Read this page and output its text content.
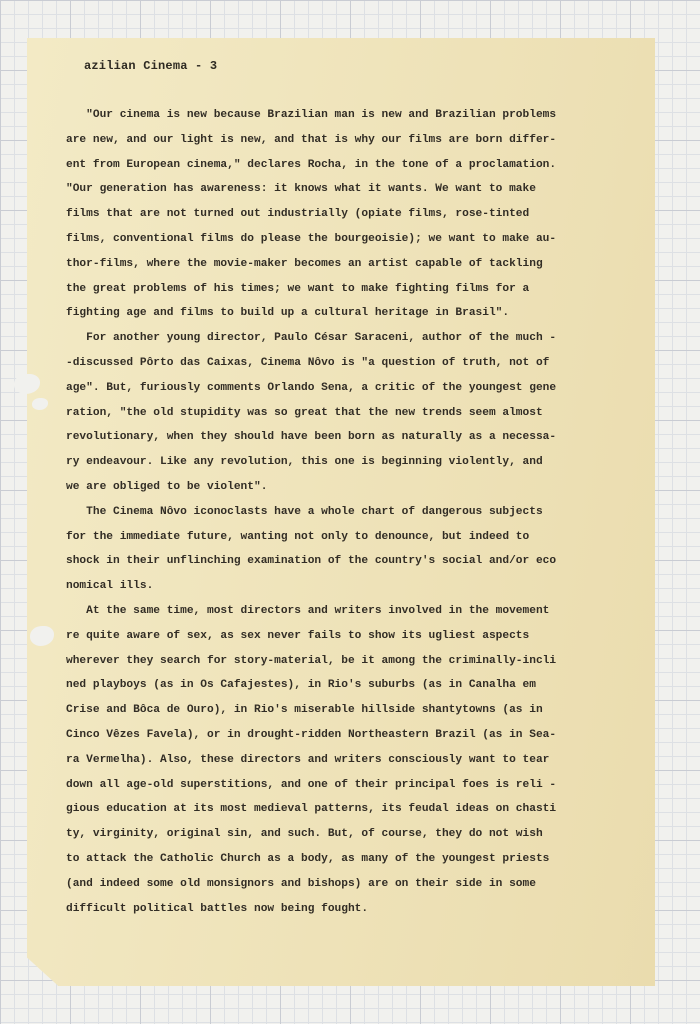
azilian Cinema - 3
"Our cinema is new because Brazilian man is new and Brazilian problems
are new, and our light is new, and that is why our films are born differ-
ent from European cinema," declares Rocha, in the tone of a proclamation.
"Our generation has awareness: it knows what it wants. We want to make
films that are not turned out industrially (opiate films, rose-tinted
films, conventional films do please the bourgeoisie); we want to make au-
thor-films, where the movie-maker becomes an artist capable of tackling
the great problems of his times; we want to make fighting films for a
fighting age and films to build up a cultural heritage in Brasil".
For another young director, Paulo César Saraceni, author of the much -
-discussed Pôrto das Caixas, Cinema Nôvo is "a question of truth, not of
age". But, furiously comments Orlando Sena, a critic of the youngest gene
ration, "the old stupidity was so great that the new trends seem almost
revolutionary, when they should have been born as naturally as a necessa-
ry endeavour. Like any revolution, this one is beginning violently, and
we are obliged to be violent".
The Cinema Nôvo iconoclasts have a whole chart of dangerous subjects
for the immediate future, wanting not only to denounce, but indeed to
shock in their unflinching examination of the country's social and/or eco
nomical ills.
At the same time, most directors and writers involved in the movement
re quite aware of sex, as sex never fails to show its ugliest aspects
wherever they search for story-material, be it among the criminally-incli
ned playboys (as in Os Cafajestes), in Rio's suburbs (as in Canalha em
Crise and Bôca de Ouro), in Rio's miserable hillside shantytowns (as in
Cinco Vêzes Favela), or in drought-ridden Northeastern Brazil (as in Sea-
ra Vermelha). Also, these directors and writers consciously want to tear
down all age-old superstitions, and one of their principal foes is reli -
gious education at its most medieval patterns, its feudal ideas on chasti
ty, virginity, original sin, and such. But, of course, they do not wish
to attack the Catholic Church as a body, as many of the youngest priests
(and indeed some old monsignors and bishops) are on their side in some
difficult political battles now being fought.
